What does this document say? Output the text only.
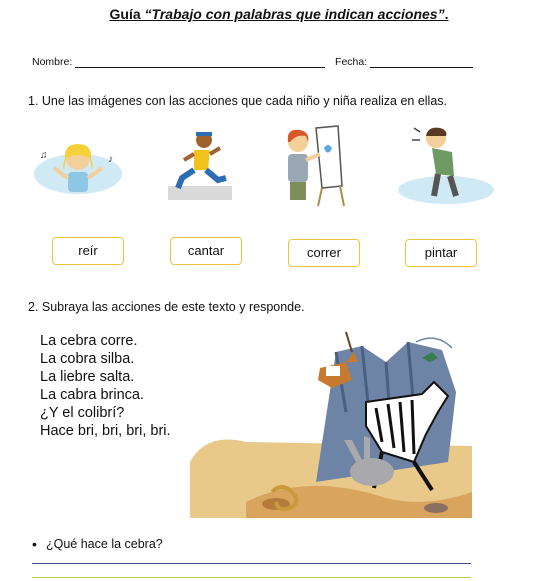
Guía “Trabajo con palabras que indican acciones”.
Nombre:	Fecha:
1. Une las imágenes con las acciones que cada niño y niña realiza en ellas.
♫	♪
reír	cantar	correr	pintar
2. Subraya las acciones de este texto y responde.
La cebra corre.
La cobra silba.
La liebre salta.
La cabra brinca.
¿Y el colibrí?
Hace bri, bri, bri, bri.
• ¿Qué hace la cebra?
